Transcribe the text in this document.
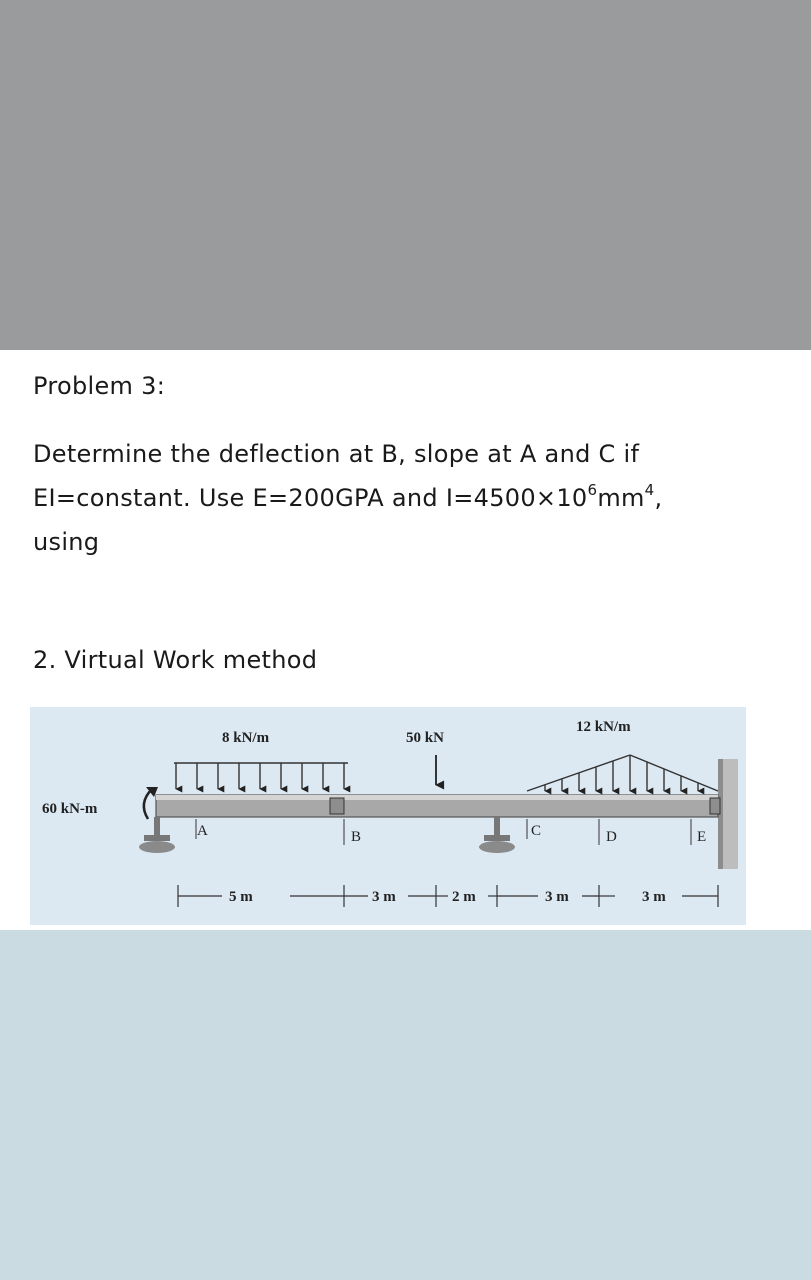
Problem 3:
Determine the deflection at B, slope at A and C if
EI=constant. Use E=200GPA and $I=4500\times 10^6mm^4$,
using
2. Virtual Work method
A	B	C	D	E
8 kN/m	50 kN
12 kN/m
60 kN-m
5 m	3 m	2 m	3 m	3 m
